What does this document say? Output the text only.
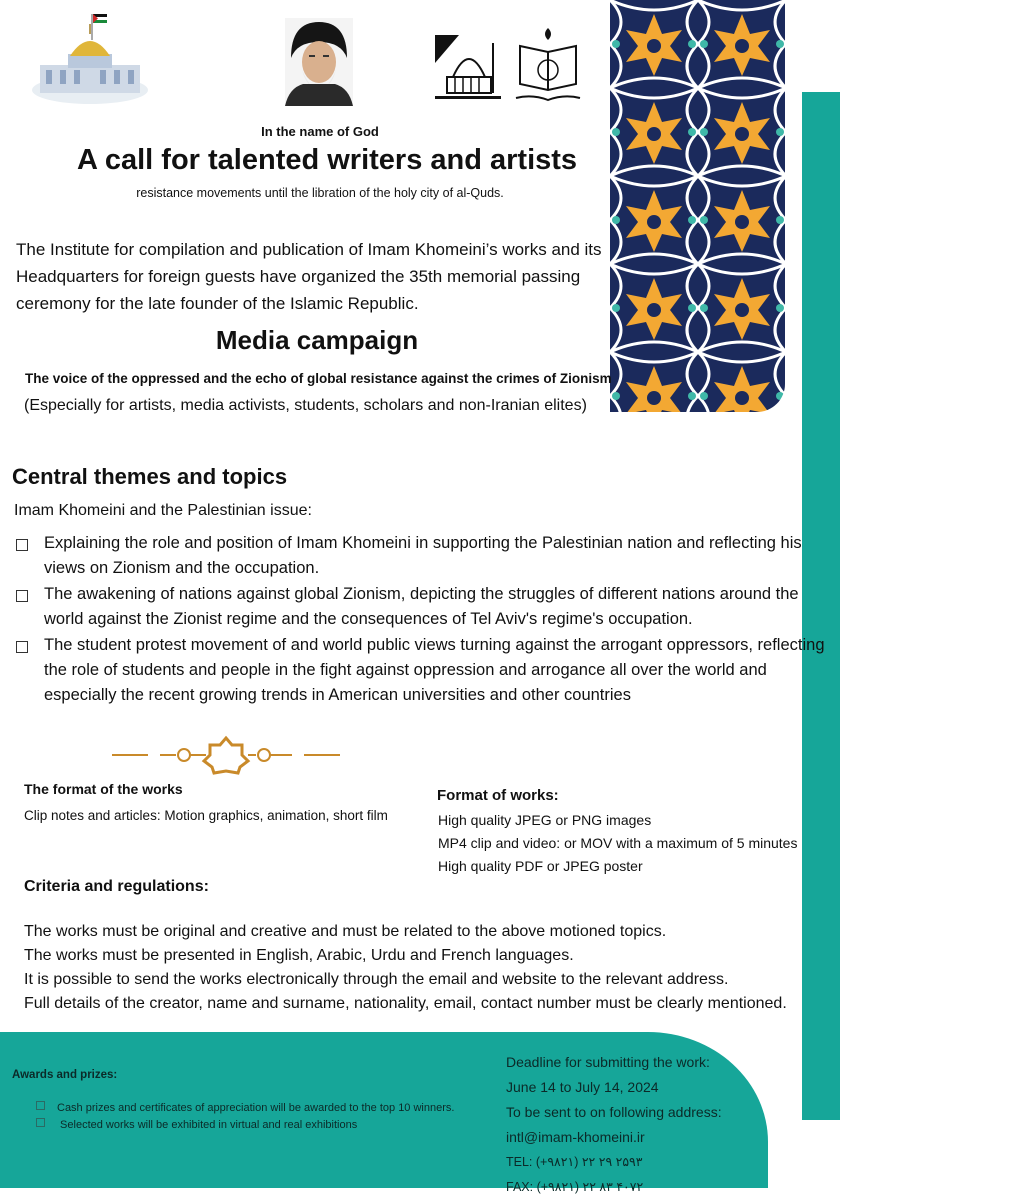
In the name of God
A call for talented writers and artists
resistance movements until the libration of the holy city of al-Quds.
The Institute for compilation and publication of Imam Khomeini’s works and its
Headquarters for foreign guests have organized the 35th memorial passing
ceremony for the late founder of the Islamic Republic.
Media campaign
The voice of the oppressed and the echo of global resistance against the crimes of Zionism
(Especially for artists, media activists, students, scholars and non-Iranian elites)
Central themes and topics
Imam Khomeini and the Palestinian issue:
Explaining the role and position of Imam Khomeini in supporting the Palestinian nation and reflecting his
views on Zionism and the occupation.
The awakening of nations against global Zionism, depicting the struggles of different nations around the
world against the Zionist regime and the consequences of Tel Aviv's regime's occupation.
The student protest movement of and world public views turning against the arrogant oppressors, reflecting
the role of students and people in the fight against oppression and arrogance all over the world and
especially the recent growing trends in American universities and other countries
The format of the works
Clip notes and articles: Motion graphics, animation, short film
Format of works:
High quality JPEG or PNG images
MP4 clip and video: or MOV with a maximum of 5 minutes
High quality PDF or JPEG poster
Criteria and regulations:
The works must be original and creative and must be related to the above motioned topics.
The works must be presented in English, Arabic, Urdu and French languages.
It is possible to send the works electronically through the email and website to the relevant address.
Full details of the creator, name and surname, nationality, email, contact number must be clearly mentioned.
Awards and prizes:
Cash prizes and certificates of appreciation will be awarded to the top 10 winners.
Selected works will be exhibited in virtual and real exhibitions
Deadline for submitting the work:
June 14 to July 14, 2024
To be sent to on following address:
intl@imam-khomeini.ir
TEL: (+۹۸۲۱) ۲۲ ۲۹ ۲۵۹۳
FAX: (+۹۸۲۱) ۲۲ ۸۳ ۴۰۷۲
